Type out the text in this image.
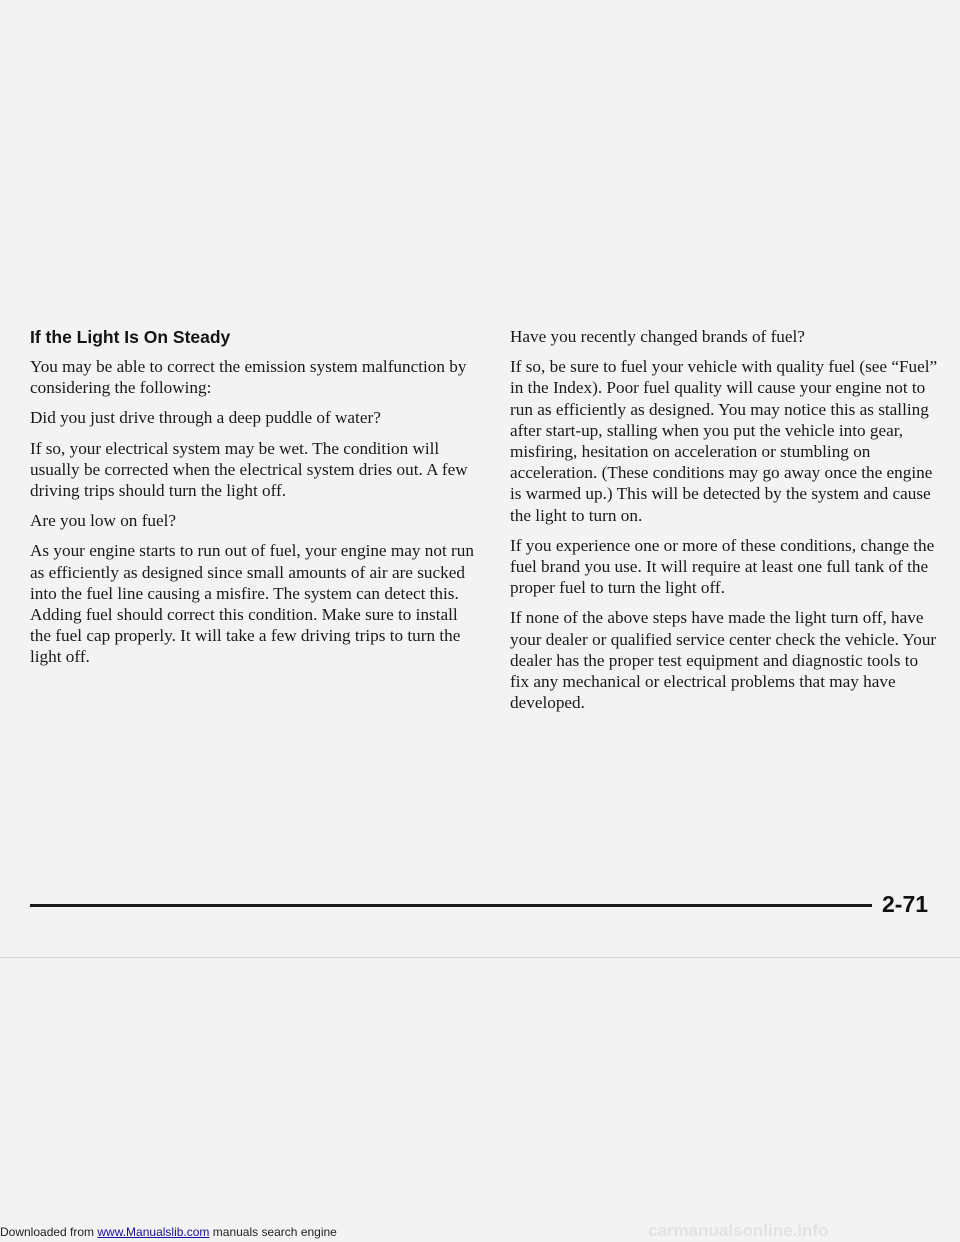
If the Light Is On Steady

You may be able to correct the emission system malfunction by considering the following:

Did you just drive through a deep puddle of water?

If so, your electrical system may be wet. The condition will usually be corrected when the electrical system dries out. A few driving trips should turn the light off.

Are you low on fuel?

As your engine starts to run out of fuel, your engine may not run as efficiently as designed since small amounts of air are sucked into the fuel line causing a misfire. The system can detect this. Adding fuel should correct this condition. Make sure to install the fuel cap properly. It will take a few driving trips to turn the light off.

Have you recently changed brands of fuel?

If so, be sure to fuel your vehicle with quality fuel (see “Fuel” in the Index). Poor fuel quality will cause your engine not to run as efficiently as designed. You may notice this as stalling after start-up, stalling when you put the vehicle into gear, misfiring, hesitation on acceleration or stumbling on acceleration. (These conditions may go away once the engine is warmed up.) This will be detected by the system and cause the light to turn on.

If you experience one or more of these conditions, change the fuel brand you use. It will require at least one full tank of the proper fuel to turn the light off.

If none of the above steps have made the light turn off, have your dealer or qualified service center check the vehicle. Your dealer has the proper test equipment and diagnostic tools to fix any mechanical or electrical problems that may have developed.

2-71
carmanualsonline.info
Downloaded from www.Manualslib.com manuals search engine
